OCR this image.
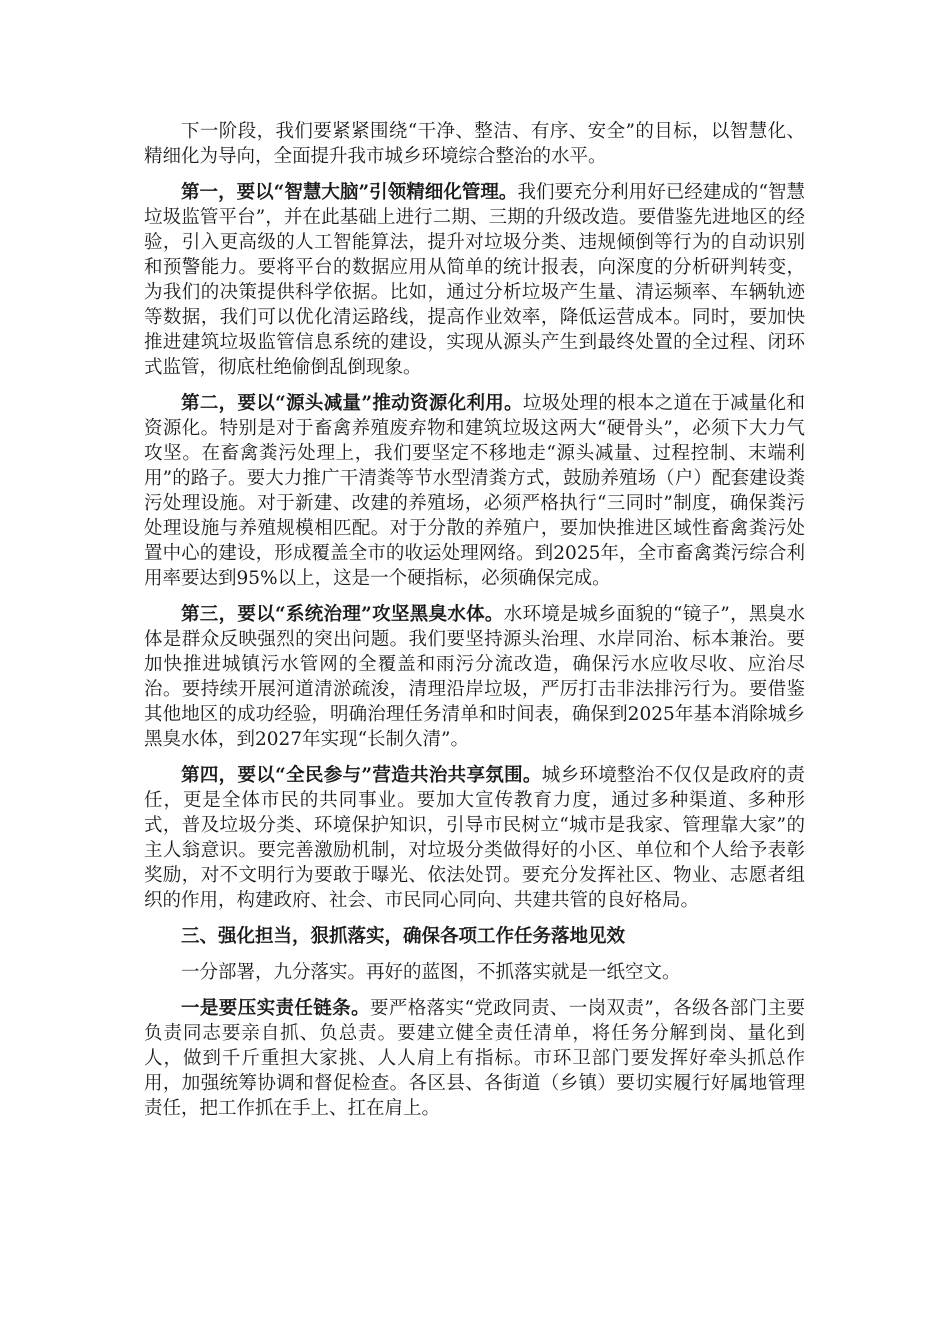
下一阶段，我们要紧紧围绕“干净、整洁、有序、安全”的目标，以智慧化、精细化为导向，全面提升我市城乡环境综合整治的水平。

第一，要以“智慧大脑”引领精细化管理。我们要充分利用好已经建成的“智慧垃圾监管平台”，并在此基础上进行二期、三期的升级改造。要借鉴先进地区的经验，引入更高级的人工智能算法，提升对垃圾分类、违规倾倒等行为的自动识别和预警能力。要将平台的数据应用从简单的统计报表，向深度的分析研判转变，为我们的决策提供科学依据。比如，通过分析垃圾产生量、清运频率、车辆轨迹等数据，我们可以优化清运路线，提高作业效率，降低运营成本。同时，要加快推进建筑垃圾监管信息系统的建设，实现从源头产生到最终处置的全过程、闭环式监管，彻底杜绝偷倒乱倒现象。

第二，要以“源头减量”推动资源化利用。垃圾处理的根本之道在于减量化和资源化。特别是对于畜禽养殖废弃物和建筑垃圾这两大“硬骨头”，必须下大力气攻坚。在畜禽粪污处理上，我们要坚定不移地走“源头减量、过程控制、末端利用”的路子。要大力推广干清粪等节水型清粪方式，鼓励养殖场（户）配套建设粪污处理设施。对于新建、改建的养殖场，必须严格执行“三同时”制度，确保粪污处理设施与养殖规模相匹配。对于分散的养殖户，要加快推进区域性畜禽粪污处置中心的建设，形成覆盖全市的收运处理网络。到2025年，全市畜禽粪污综合利用率要达到95%以上，这是一个硬指标，必须确保完成。

第三，要以“系统治理”攻坚黑臭水体。水环境是城乡面貌的“镜子”，黑臭水体是群众反映强烈的突出问题。我们要坚持源头治理、水岸同治、标本兼治。要加快推进城镇污水管网的全覆盖和雨污分流改造，确保污水应收尽收、应治尽治。要持续开展河道清淤疏浚，清理沿岸垃圾，严厉打击非法排污行为。要借鉴其他地区的成功经验，明确治理任务清单和时间表，确保到2025年基本消除城乡黑臭水体，到2027年实现“长制久清”。

第四，要以“全民参与”营造共治共享氛围。城乡环境整治不仅仅是政府的责任，更是全体市民的共同事业。要加大宣传教育力度，通过多种渠道、多种形式，普及垃圾分类、环境保护知识，引导市民树立“城市是我家、管理靠大家”的主人翁意识。要完善激励机制，对垃圾分类做得好的小区、单位和个人给予表彰奖励，对不文明行为要敢于曝光、依法处罚。要充分发挥社区、物业、志愿者组织的作用，构建政府、社会、市民同心同向、共建共管的良好格局。

三、强化担当，狠抓落实，确保各项工作任务落地见效

一分部署，九分落实。再好的蓝图，不抓落实就是一纸空文。

一是要压实责任链条。要严格落实“党政同责、一岗双责”，各级各部门主要负责同志要亲自抓、负总责。要建立健全责任清单，将任务分解到岗、量化到人，做到千斤重担大家挑、人人肩上有指标。市环卫部门要发挥好牵头抓总作用，加强统筹协调和督促检查。各区县、各街道（乡镇）要切实履行好属地管理责任，把工作抓在手上、扛在肩上。
